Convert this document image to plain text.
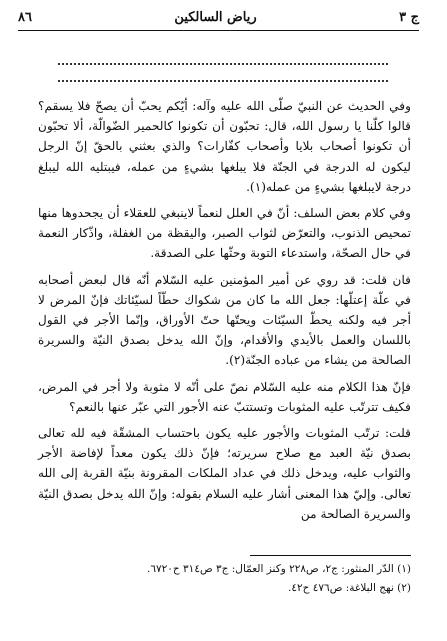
٨٦	رياض السالكين	ج ٣

وفي الحديث عن النبيّ صلّى الله عليه وآله: أيّكم يحبّ أن يصحّ فلا يسقم؟ قالوا كلّنا يا رسول الله، قال: تحبّون أن تكونوا كالحمير الضّوالّة، ألا تحبّون أن تكونوا أصحاب بلايا وأصحاب كفّارات؟ والذي بعثني بالحقّ إنّ الرجل ليكون له الدرجة في الجنّة فلا يبلغها بشيءٍ من عمله، فيبتليه الله ليبلغ درجة لايبلغها بشيءٍ من عمله(١).

وفي كلام بعض السلف: أنّ في العلل لنعماً لاينبغي للعقلاء أن يجحدوها منها تمحيص الذنوب، والتعرّض لثواب الصبر، واليقظة من الغفلة، واذّكار النعمة في حال الصحّة، واستدعاء التوبة وحثّها على الصدقة.

فان قلت: قد روي عن أمير المؤمنين عليه السّلام أنّه قال لبعض أصحابه في علّة إعتلّها: جعل الله ما كان من شكواك حطّاً لسيّئاتك فإنّ المرض لا أجر فيه ولكنه يحطّ السيّئات ويحتّها حتّ الأوراق، وإنّما الأجر في القول باللسان والعمل بالأيدي والأقدام، وإنّ الله يدخل بصدق النيّة والسريرة الصالحة من يشاء من عباده الجنّة(٢).

فإنّ هذا الكلام منه عليه السّلام نصّ على أنّه لا مثوبة ولا أجر في المرض، فكيف تترتّب عليه المثوبات وتستتبّ عنه الأجور التي عبّر عنها بالنعم؟

قلت: ترتّب المثوبات والأجور عليه يكون باحتساب المشقّة فيه لله تعالى بصدق نيّة العبد مع صلاح سريرته؛ فإنّ ذلك يكون معداً لإفاضة الأجر والثواب عليه، ويدخل ذلك في عداد الملكات المقرونة بنيّة القربة إلى الله تعالى. وإليّ هذا المعنى أشار عليه السلام بقوله: وإنّ الله يدخل بصدق النيّة والسريرة الصالحة من

(١) الدّر المنثور: ج٢، ص٢٢٨ وكنز العمّال: ج٣ ص٣١٤ ح٦٧٢٠.
(٢) نهج البلاغة: ص٤٧٦ ح٤٢.
